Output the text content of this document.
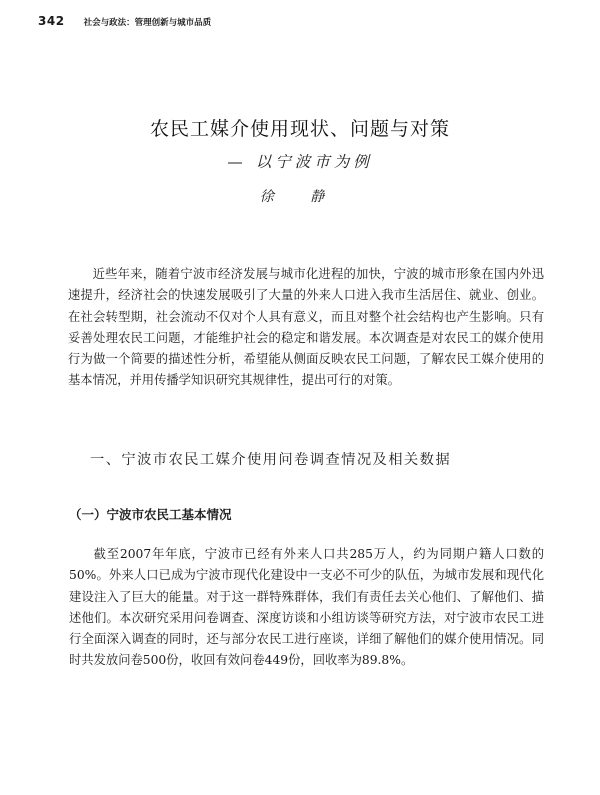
342 社会与政法：管理创新与城市品质
农民工媒介使用现状、问题与对策
— 以宁波市为例
徐 静

近些年来，随着宁波市经济发展与城市化进程的加快，宁波的城市形象在国内外迅速提升，经济社会的快速发展吸引了大量的外来人口进入我市生活居住、就业、创业。在社会转型期，社会流动不仅对个人具有意义，而且对整个社会结构也产生影响。只有妥善处理农民工问题，才能维护社会的稳定和谐发展。本次调查是对农民工的媒介使用行为做一个简要的描述性分析，希望能从侧面反映农民工问题，了解农民工媒介使用的基本情况，并用传播学知识研究其规律性，提出可行的对策。

一、宁波市农民工媒介使用问卷调查情况及相关数据
（一）宁波市农民工基本情况

截至2007年年底，宁波市已经有外来人口共285万人，约为同期户籍人口数的50%。外来人口已成为宁波市现代化建设中一支必不可少的队伍，为城市发展和现代化建设注入了巨大的能量。对于这一群特殊群体，我们有责任去关心他们、了解他们、描述他们。本次研究采用问卷调查、深度访谈和小组访谈等研究方法，对宁波市农民工进行全面深入调查的同时，还与部分农民工进行座谈，详细了解他们的媒介使用情况。同时共发放问卷500份，收回有效问卷449份，回收率为89.8%。
